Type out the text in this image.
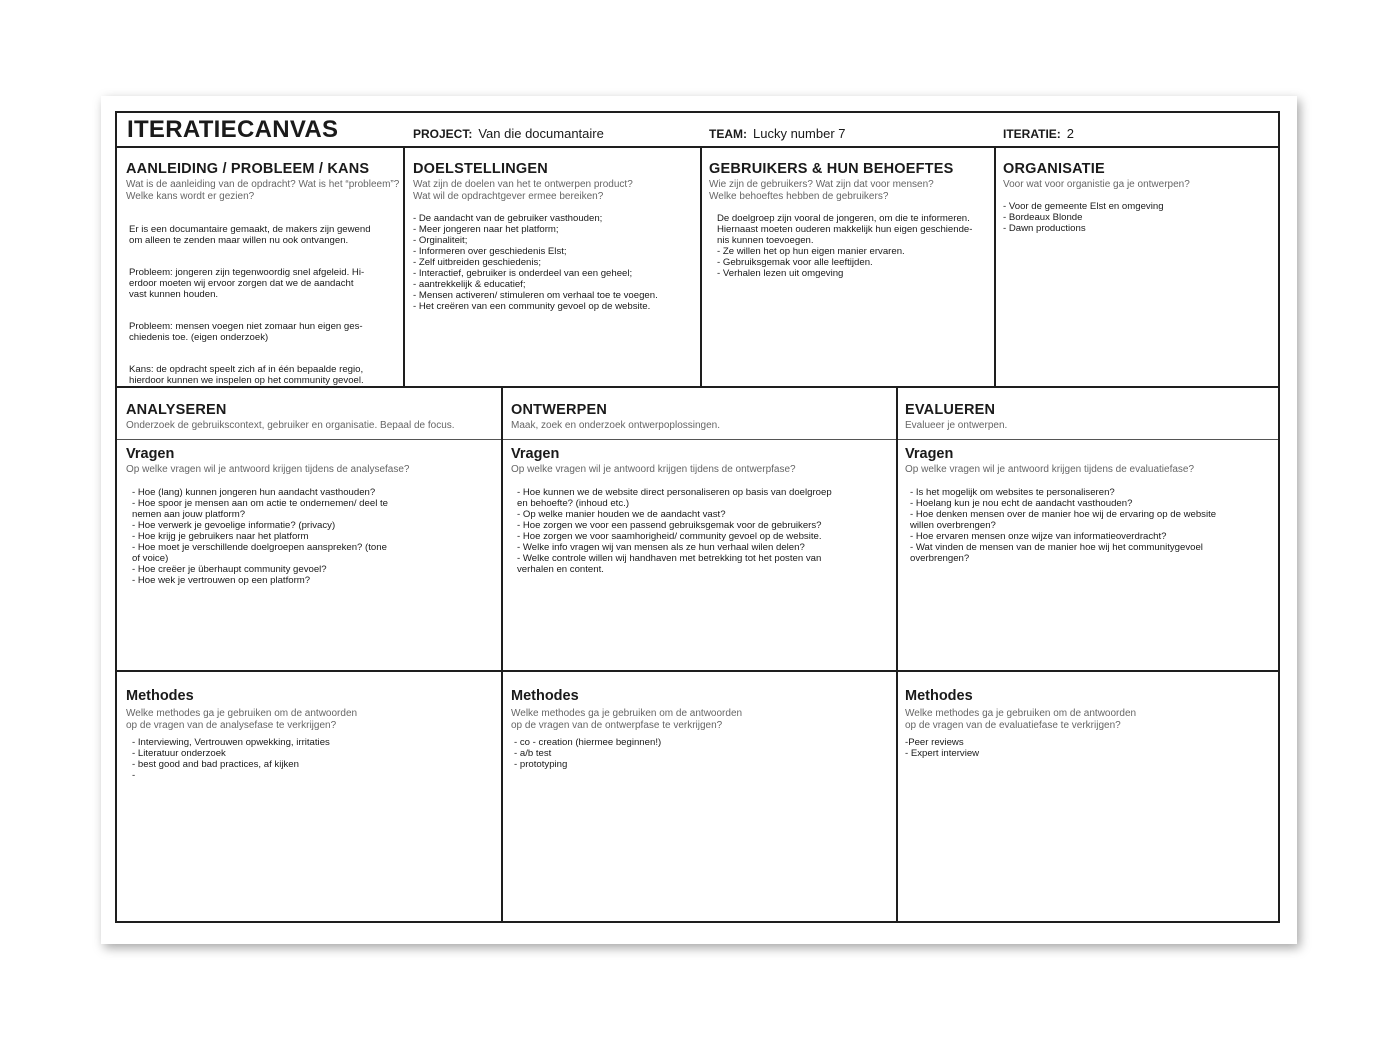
ITERATIECANVAS	PROJECT: Van die documantaire	TEAM: Lucky number 7	ITERATIE: 2
AANLEIDING / PROBLEEM / KANS
Wat is de aanleiding van de opdracht? Wat is het “probleem”?
Welke kans wordt er gezien?

Er is een documantaire gemaakt, de makers zijn gewend
om alleen te zenden maar willen nu ook ontvangen.

Probleem: jongeren zijn tegenwoordig snel afgeleid. Hi-
erdoor moeten wij ervoor zorgen dat we de aandacht
vast kunnen houden.

Probleem: mensen voegen niet zomaar hun eigen ges-
chiedenis toe. (eigen onderzoek)

Kans: de opdracht speelt zich af in één bepaalde regio,
hierdoor kunnen we inspelen op het community gevoel.

DOELSTELLINGEN
Wat zijn de doelen van het te ontwerpen product?
Wat wil de opdrachtgever ermee bereiken?
- De aandacht van de gebruiker vasthouden;
- Meer jongeren naar het platform;
- Orginaliteit;
- Informeren over geschiedenis Elst;
- Zelf uitbreiden geschiedenis;
- Interactief, gebruiker is onderdeel van een geheel;
- aantrekkelijk & educatief;
- Mensen activeren/ stimuleren om verhaal toe te voegen.
- Het creëren van een community gevoel op de website.
GEBRUIKERS & HUN BEHOEFTES
Wie zijn de gebruikers? Wat zijn dat voor mensen?
Welke behoeftes hebben de gebruikers?
De doelgroep zijn vooral de jongeren, om die te informeren.
Hiernaast moeten ouderen makkelijk hun eigen geschiende-
nis kunnen toevoegen.
- Ze willen het op hun eigen manier ervaren.
- Gebruiksgemak voor alle leeftijden.
- Verhalen lezen uit omgeving
ORGANISATIE
Voor wat voor organistie ga je ontwerpen?
- Voor de gemeente Elst en omgeving
- Bordeaux Blonde
- Dawn productions
ANALYSEREN
Onderzoek de gebruikscontext, gebruiker en organisatie. Bepaal de focus.
ONTWERPEN
Maak, zoek en onderzoek ontwerpoplossingen.
EVALUEREN
Evalueer je ontwerpen.
Vragen
Op welke vragen wil je antwoord krijgen tijdens de analysefase?
- Hoe (lang) kunnen jongeren hun aandacht vasthouden?
- Hoe spoor je mensen aan om actie te ondernemen/ deel te
nemen aan jouw platform?
- Hoe verwerk je gevoelige informatie? (privacy)
- Hoe krijg je gebruikers naar het platform
- Hoe moet je verschillende doelgroepen aanspreken? (tone
of voice)
- Hoe creëer je überhaupt community gevoel?
- Hoe wek je vertrouwen op een platform?
Vragen
Op welke vragen wil je antwoord krijgen tijdens de ontwerpfase?
- Hoe kunnen we de website direct personaliseren op basis van doelgroep
en behoefte? (inhoud etc.)
- Op welke manier houden we de aandacht vast?
- Hoe zorgen we voor een passend gebruiksgemak voor de gebruikers?
- Hoe zorgen we voor saamhorigheid/ community gevoel op de website.
- Welke info vragen wij van mensen als ze hun verhaal wilen delen?
- Welke controle willen wij handhaven met betrekking tot het posten van
verhalen en content.
Vragen
Op welke vragen wil je antwoord krijgen tijdens de evaluatiefase?
- Is het mogelijk om websites te personaliseren?
- Hoelang kun je nou echt de aandacht vasthouden?
- Hoe denken mensen over de manier hoe wij de ervaring op de website
willen overbrengen?
- Hoe ervaren mensen onze wijze van informatieoverdracht?
- Wat vinden de mensen van de manier hoe wij het communitygevoel
overbrengen?
Methodes
Welke methodes ga je gebruiken om de antwoorden
op de vragen van de analysefase te verkrijgen?
- Interviewing, Vertrouwen opwekking, irritaties
- Literatuur onderzoek
- best good and bad practices, af kijken
-
Methodes
Welke methodes ga je gebruiken om de antwoorden
op de vragen van de ontwerpfase te verkrijgen?
- co - creation (hiermee beginnen!)
- a/b test
- prototyping
Methodes
Welke methodes ga je gebruiken om de antwoorden
op de vragen van de evaluatiefase te verkrijgen?
-Peer reviews
- Expert interview
